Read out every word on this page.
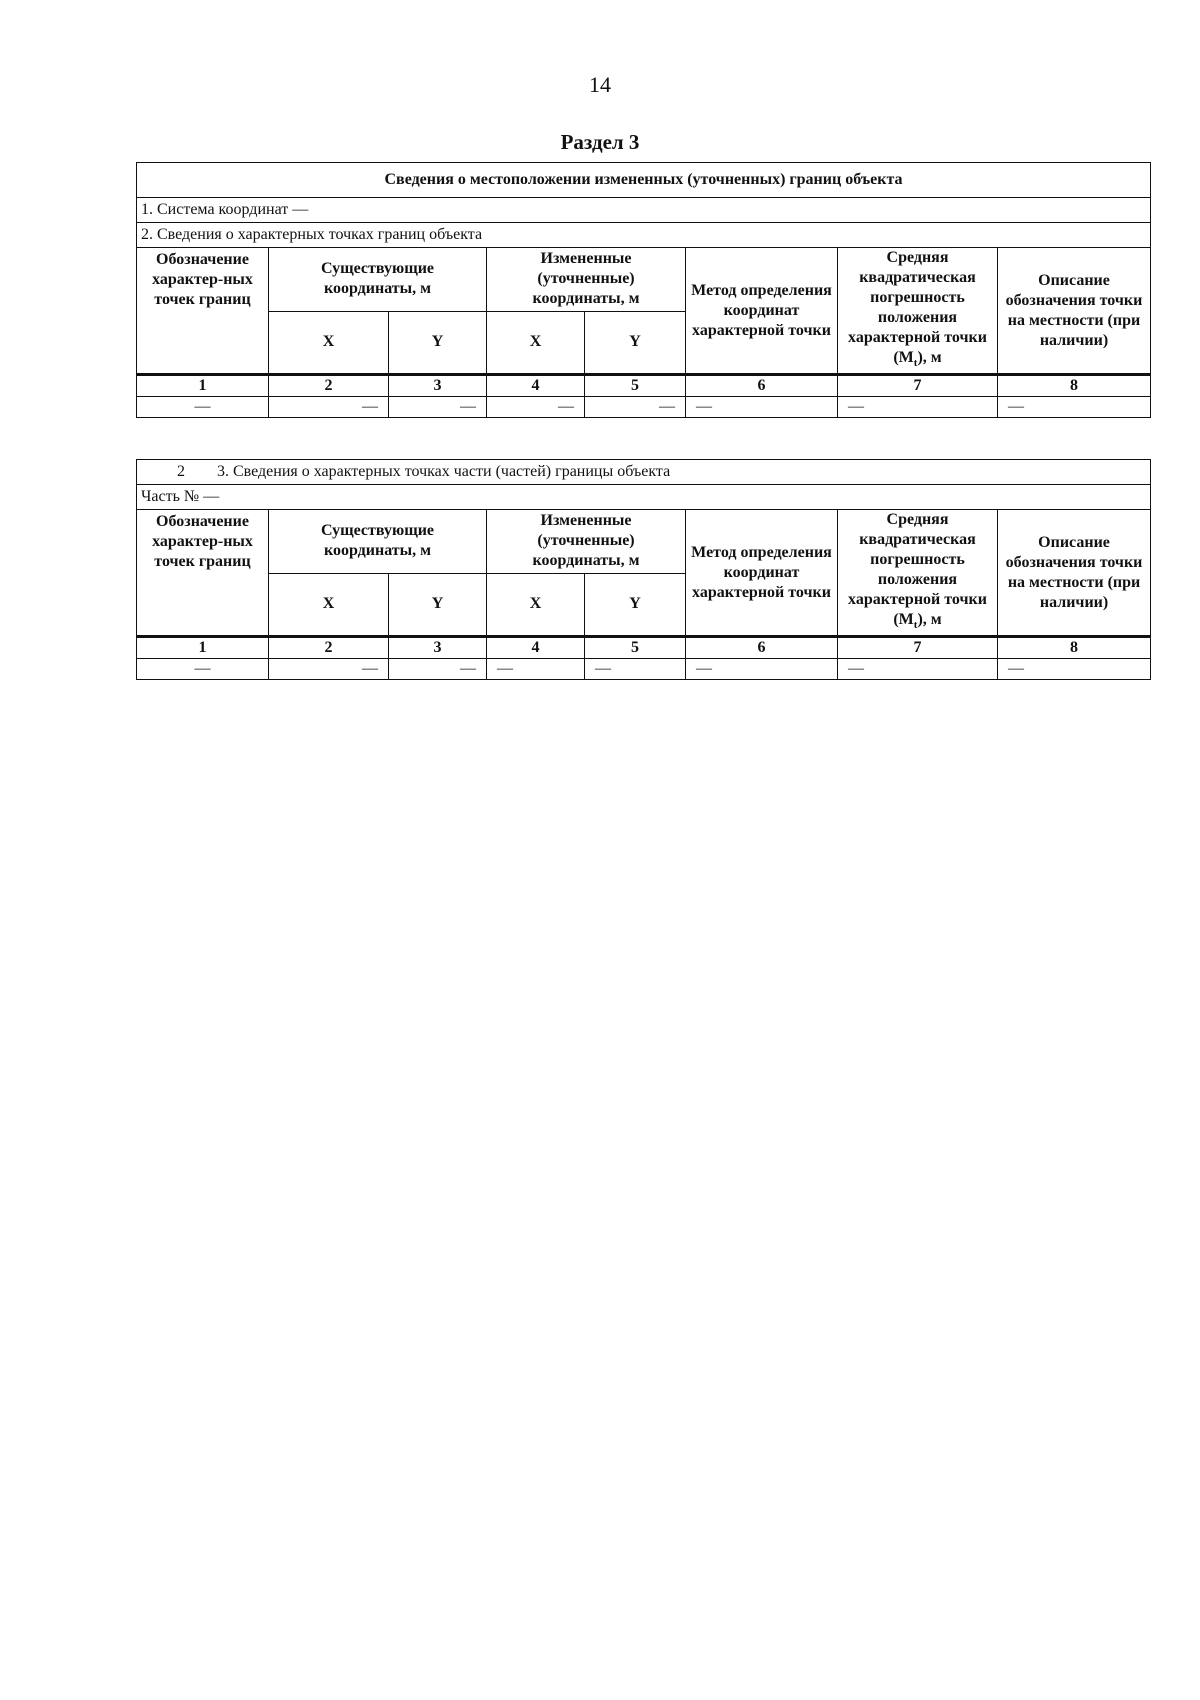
14
Раздел 3
Сведения о местоположении измененных (уточненных) границ объекта							
1. Система координат —							
2. Сведения о характерных точках границ объекта							
Обозначение характер-ных точек границ	Существующие координаты, м		Измененные (уточненные) координаты, м		Метод определения координат характерной точки	Средняя квадратическая погрешность положения характерной точки $(M_t)$, м	Описание обозначения точки на местности (при наличии)
	X	Y	X	Y			
1	2	3	4	5	6	7	8
—	—	—	—	—	—	—	—
2 3. Сведения о характерных точках части (частей) границы объекта							
Часть № —							
Обозначение характер-ных точек границ	Существующие координаты, м		Измененные (уточненные) координаты, м		Метод определения координат характерной точки	Средняя квадратическая погрешность положения характерной точки $(M_t)$, м	Описание обозначения точки на местности (при наличии)
	X	Y	X	Y			
1	2	3	4	5	6	7	8
—	—	—	—	—	—	—	—
